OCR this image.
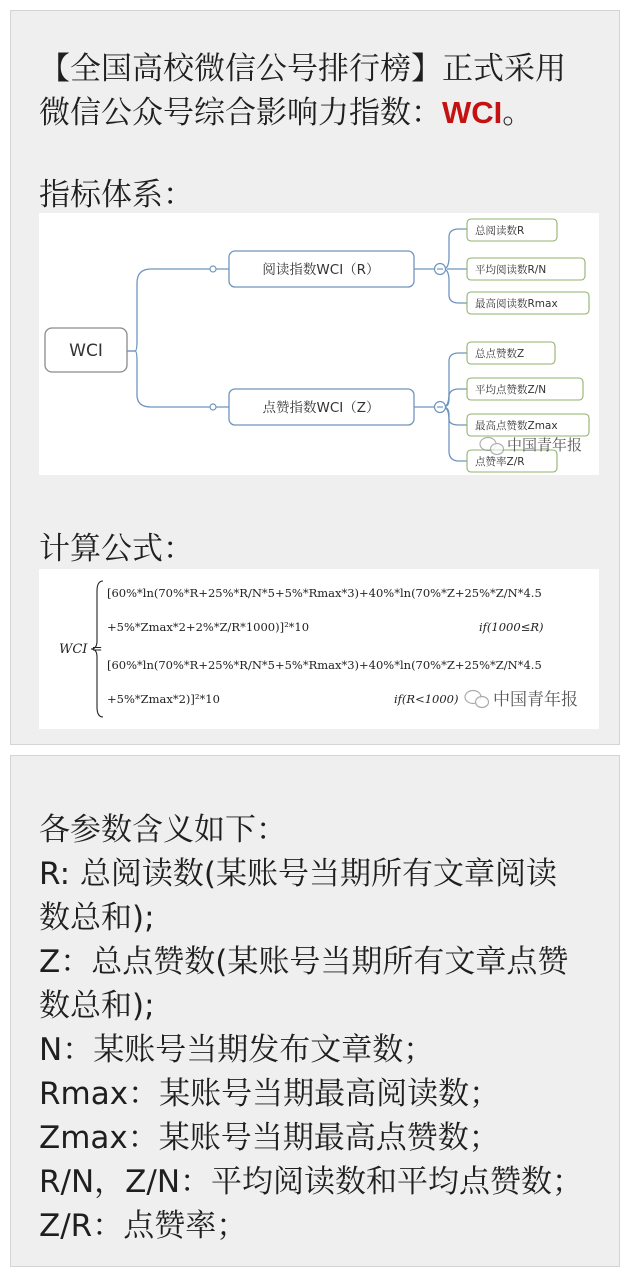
【全国高校微信公号排行榜】正式采用
微信公众号综合影响力指数：WCI。
指标体系：
WCI
阅读指数WCI（R）
点赞指数WCI（Z）
总阅读数R
平均阅读数R/N
最高阅读数Rmax
总点赞数Z
平均点赞数Z/N
最高点赞数Zmax
点赞率Z/R
中国青年报
计算公式：
WCI =
[60%*ln(70%*R+25%*R/N*5+5%*Rmax*3)+40%*ln(70%*Z+25%*Z/N*4.5
+5%*Zmax*2+2%*Z/R*1000)]²*10	if(1000≤R)
[60%*ln(70%*R+25%*R/N*5+5%*Rmax*3)+40%*ln(70%*Z+25%*Z/N*4.5
+5%*Zmax*2)]²*10	if(R<1000) 中国青年报
各参数含义如下：
R: 总阅读数(某账号当期所有文章阅读
数总和);
Z：总点赞数(某账号当期所有文章点赞
数总和);
N：某账号当期发布文章数；
Rmax：某账号当期最高阅读数；
Zmax：某账号当期最高点赞数；
R/N，Z/N：平均阅读数和平均点赞数；
Z/R：点赞率；
